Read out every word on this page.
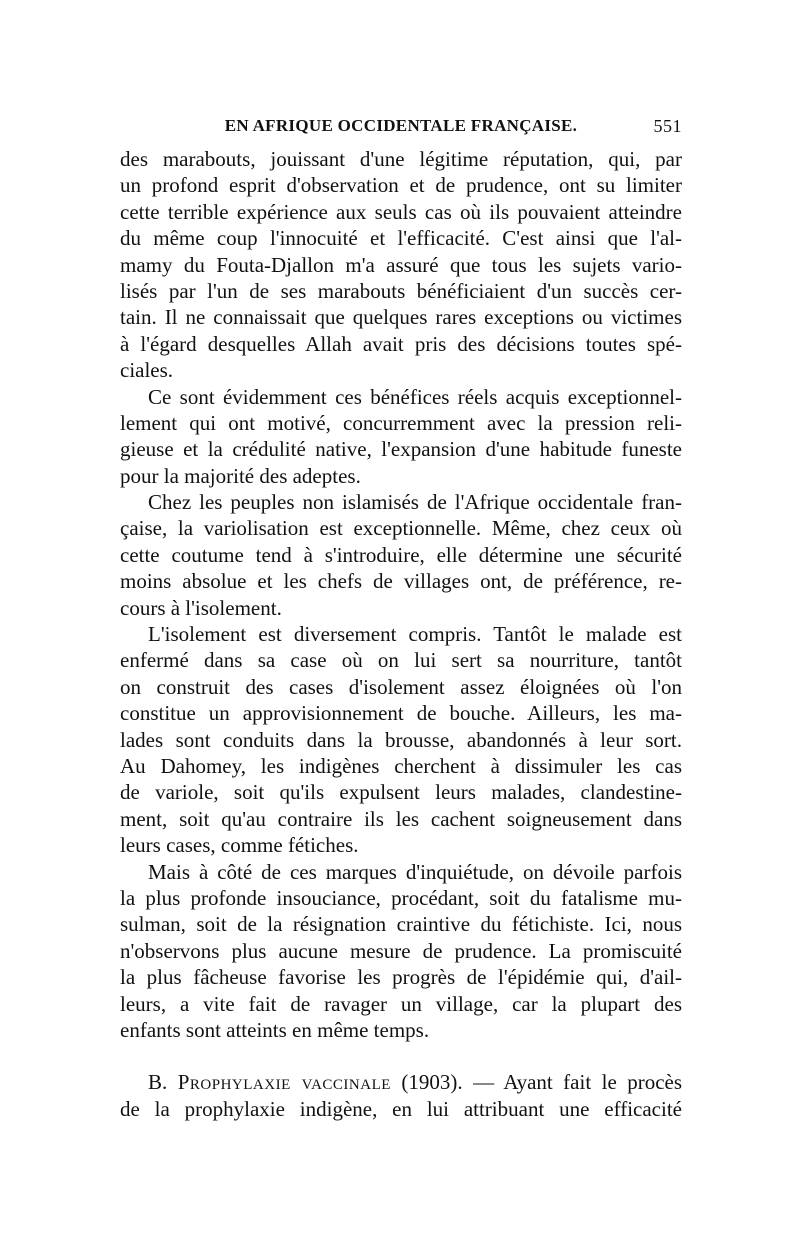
EN AFRIQUE OCCIDENTALE FRANÇAISE.	551
des marabouts, jouissant d'une légitime réputation, qui, par
un profond esprit d'observation et de prudence, ont su limiter
cette terrible expérience aux seuls cas où ils pouvaient atteindre
du même coup l'innocuité et l'efficacité. C'est ainsi que l'al-
mamy du Fouta-Djallon m'a assuré que tous les sujets vario-
lisés par l'un de ses marabouts bénéficiaient d'un succès cer-
tain. Il ne connaissait que quelques rares exceptions ou victimes
à l'égard desquelles Allah avait pris des décisions toutes spé-
ciales.
Ce sont évidemment ces bénéfices réels acquis exceptionnel-
lement qui ont motivé, concurremment avec la pression reli-
gieuse et la crédulité native, l'expansion d'une habitude funeste
pour la majorité des adeptes.
Chez les peuples non islamisés de l'Afrique occidentale fran-
çaise, la variolisation est exceptionnelle. Même, chez ceux où
cette coutume tend à s'introduire, elle détermine une sécurité
moins absolue et les chefs de villages ont, de préférence, re-
cours à l'isolement.
L'isolement est diversement compris. Tantôt le malade est
enfermé dans sa case où on lui sert sa nourriture, tantôt
on construit des cases d'isolement assez éloignées où l'on
constitue un approvisionnement de bouche. Ailleurs, les ma-
lades sont conduits dans la brousse, abandonnés à leur sort.
Au Dahomey, les indigènes cherchent à dissimuler les cas
de variole, soit qu'ils expulsent leurs malades, clandestine-
ment, soit qu'au contraire ils les cachent soigneusement dans
leurs cases, comme fétiches.
Mais à côté de ces marques d'inquiétude, on dévoile parfois
la plus profonde insouciance, procédant, soit du fatalisme mu-
sulman, soit de la résignation craintive du fétichiste. Ici, nous
n'observons plus aucune mesure de prudence. La promiscuité
la plus fâcheuse favorise les progrès de l'épidémie qui, d'ail-
leurs, a vite fait de ravager un village, car la plupart des
enfants sont atteints en même temps.
B. Prophylaxie vaccinale (1903). — Ayant fait le procès
de la prophylaxie indigène, en lui attribuant une efficacité
